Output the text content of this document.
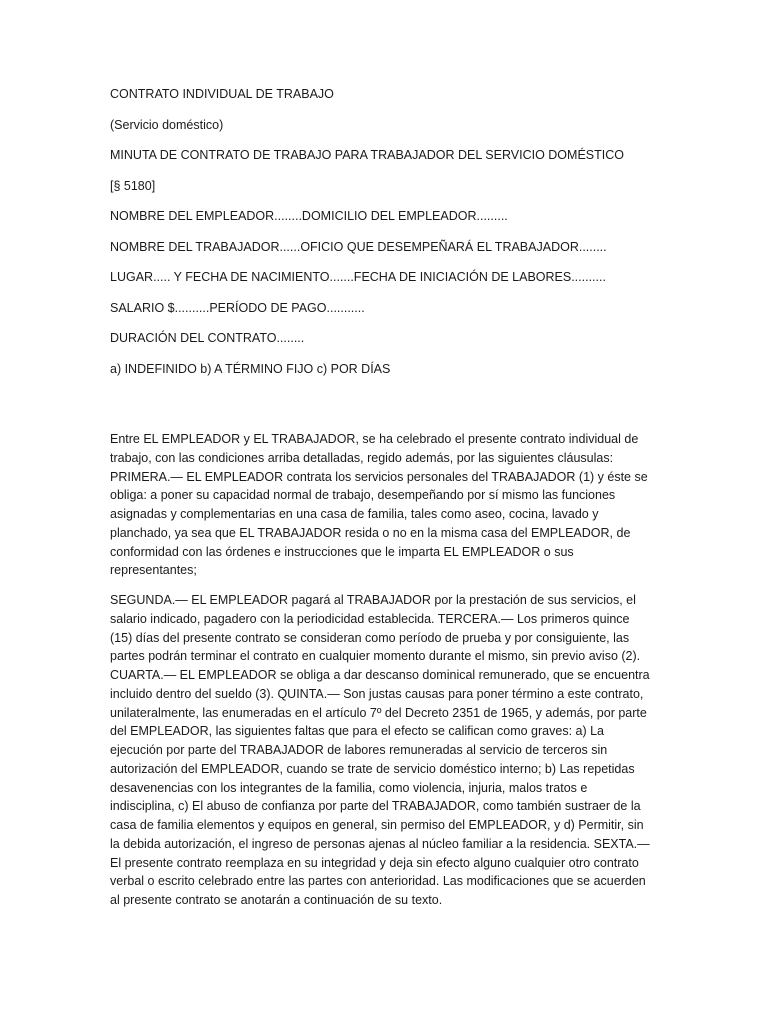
CONTRATO INDIVIDUAL DE TRABAJO
(Servicio doméstico)
MINUTA DE CONTRATO DE TRABAJO PARA TRABAJADOR DEL SERVICIO DOMÉSTICO
[§ 5180]
NOMBRE DEL EMPLEADOR........DOMICILIO DEL EMPLEADOR.........
NOMBRE DEL TRABAJADOR......OFICIO QUE DESEMPEÑARÁ EL TRABAJADOR........
LUGAR..... Y FECHA DE NACIMIENTO.......FECHA DE INICIACIÓN DE LABORES..........
SALARIO $..........PERÍODO DE PAGO...........
DURACIÓN DEL CONTRATO........
a) INDEFINIDO b) A TÉRMINO FIJO c) POR DÍAS

Entre EL EMPLEADOR y EL TRABAJADOR, se ha celebrado el presente contrato individual de trabajo, con las condiciones arriba detalladas, regido además, por las siguientes cláusulas: PRIMERA.— EL EMPLEADOR contrata los servicios personales del TRABAJADOR (1) y éste se obliga: a poner su capacidad normal de trabajo, desempeñando por sí mismo las funciones asignadas y complementarias en una casa de familia, tales como aseo, cocina, lavado y planchado, ya sea que EL TRABAJADOR resida o no en la misma casa del EMPLEADOR, de conformidad con las órdenes e instrucciones que le imparta EL EMPLEADOR o sus representantes;

SEGUNDA.— EL EMPLEADOR pagará al TRABAJADOR por la prestación de sus servicios, el salario indicado, pagadero con la periodicidad establecida. TERCERA.— Los primeros quince (15) días del presente contrato se consideran como período de prueba y por consiguiente, las partes podrán terminar el contrato en cualquier momento durante el mismo, sin previo aviso (2). CUARTA.— EL EMPLEADOR se obliga a dar descanso dominical remunerado, que se encuentra incluido dentro del sueldo (3). QUINTA.— Son justas causas para poner término a este contrato, unilateralmente, las enumeradas en el artículo 7º del Decreto 2351 de 1965, y además, por parte del EMPLEADOR, las siguientes faltas que para el efecto se califican como graves: a) La ejecución por parte del TRABAJADOR de labores remuneradas al servicio de terceros sin autorización del EMPLEADOR, cuando se trate de servicio doméstico interno; b) Las repetidas desavenencias con los integrantes de la familia, como violencia, injuria, malos tratos e indisciplina, c) El abuso de confianza por parte del TRABAJADOR, como también sustraer de la casa de familia elementos y equipos en general, sin permiso del EMPLEADOR, y d) Permitir, sin la debida autorización, el ingreso de personas ajenas al núcleo familiar a la residencia. SEXTA.— El presente contrato reemplaza en su integridad y deja sin efecto alguno cualquier otro contrato verbal o escrito celebrado entre las partes con anterioridad. Las modificaciones que se acuerden al presente contrato se anotarán a continuación de su texto.
